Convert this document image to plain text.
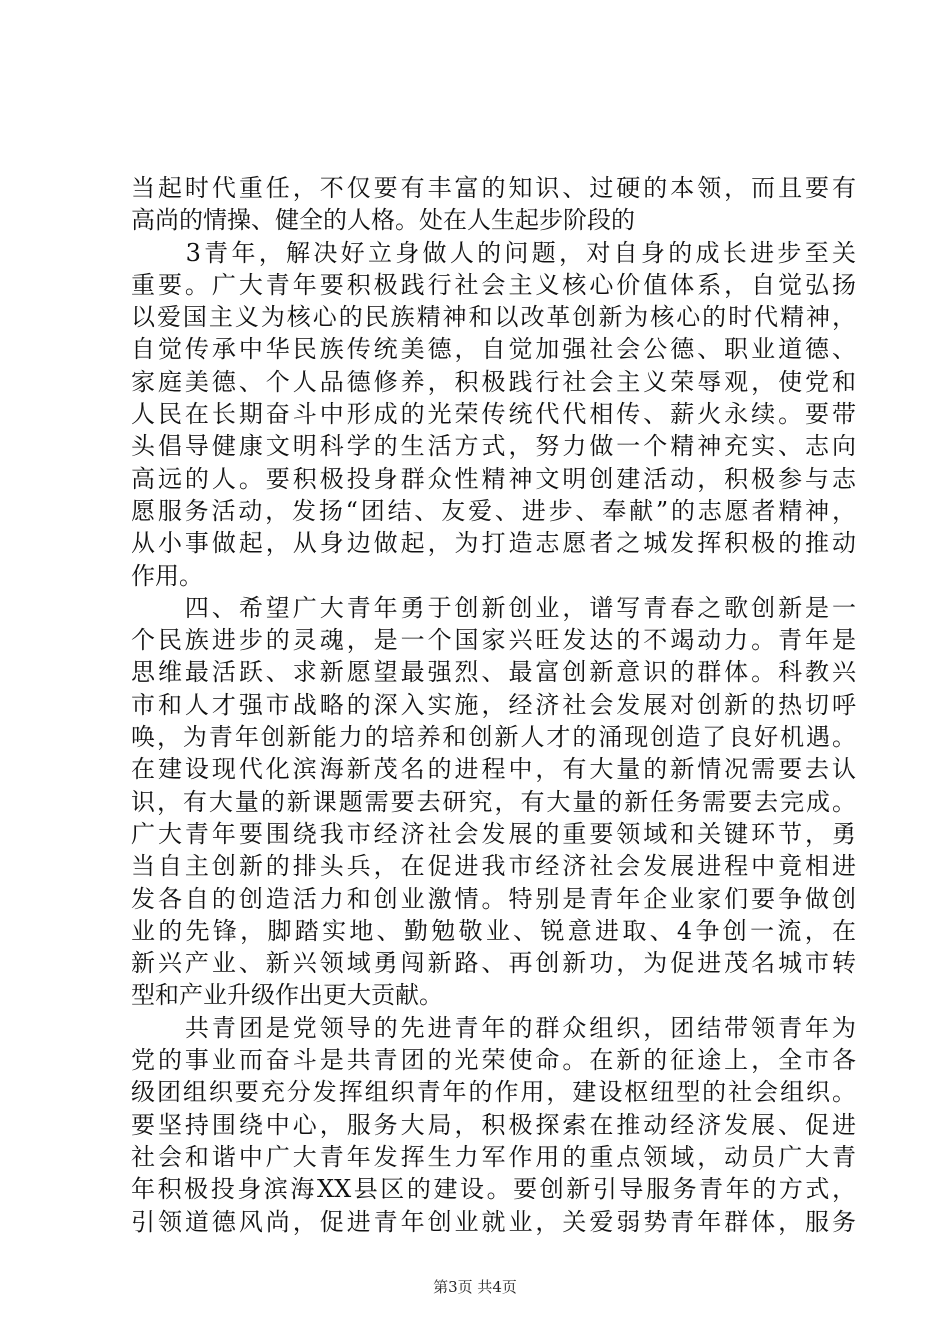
当起时代重任，不仅要有丰富的知识、过硬的本领，而且要有
高尚的情操、健全的人格。处在人生起步阶段的
　　3青年，解决好立身做人的问题，对自身的成长进步至关
重要。广大青年要积极践行社会主义核心价值体系，自觉弘扬
以爱国主义为核心的民族精神和以改革创新为核心的时代精神，
自觉传承中华民族传统美德，自觉加强社会公德、职业道德、
家庭美德、个人品德修养，积极践行社会主义荣辱观，使党和
人民在长期奋斗中形成的光荣传统代代相传、薪火永续。要带
头倡导健康文明科学的生活方式，努力做一个精神充实、志向
高远的人。要积极投身群众性精神文明创建活动，积极参与志
愿服务活动，发扬“团结、友爱、进步、奉献”的志愿者精神，
从小事做起，从身边做起，为打造志愿者之城发挥积极的推动
作用。
　　四、希望广大青年勇于创新创业，谱写青春之歌创新是一
个民族进步的灵魂，是一个国家兴旺发达的不竭动力。青年是
思维最活跃、求新愿望最强烈、最富创新意识的群体。科教兴
市和人才强市战略的深入实施，经济社会发展对创新的热切呼
唤，为青年创新能力的培养和创新人才的涌现创造了良好机遇。
在建设现代化滨海新茂名的进程中，有大量的新情况需要去认
识，有大量的新课题需要去研究，有大量的新任务需要去完成。
广大青年要围绕我市经济社会发展的重要领域和关键环节，勇
当自主创新的排头兵，在促进我市经济社会发展进程中竟相进
发各自的创造活力和创业激情。特别是青年企业家们要争做创
业的先锋，脚踏实地、勤勉敬业、锐意进取、4争创一流，在
新兴产业、新兴领域勇闯新路、再创新功，为促进茂名城市转
型和产业升级作出更大贡献。
　　共青团是党领导的先进青年的群众组织，团结带领青年为
党的事业而奋斗是共青团的光荣使命。在新的征途上，全市各
级团组织要充分发挥组织青年的作用，建设枢纽型的社会组织。
要坚持围绕中心，服务大局，积极探索在推动经济发展、促进
社会和谐中广大青年发挥生力军作用的重点领域，动员广大青
年积极投身滨海XX县区的建设。要创新引导服务青年的方式，
引领道德风尚，促进青年创业就业，关爱弱势青年群体，服务
第3页 共4页
